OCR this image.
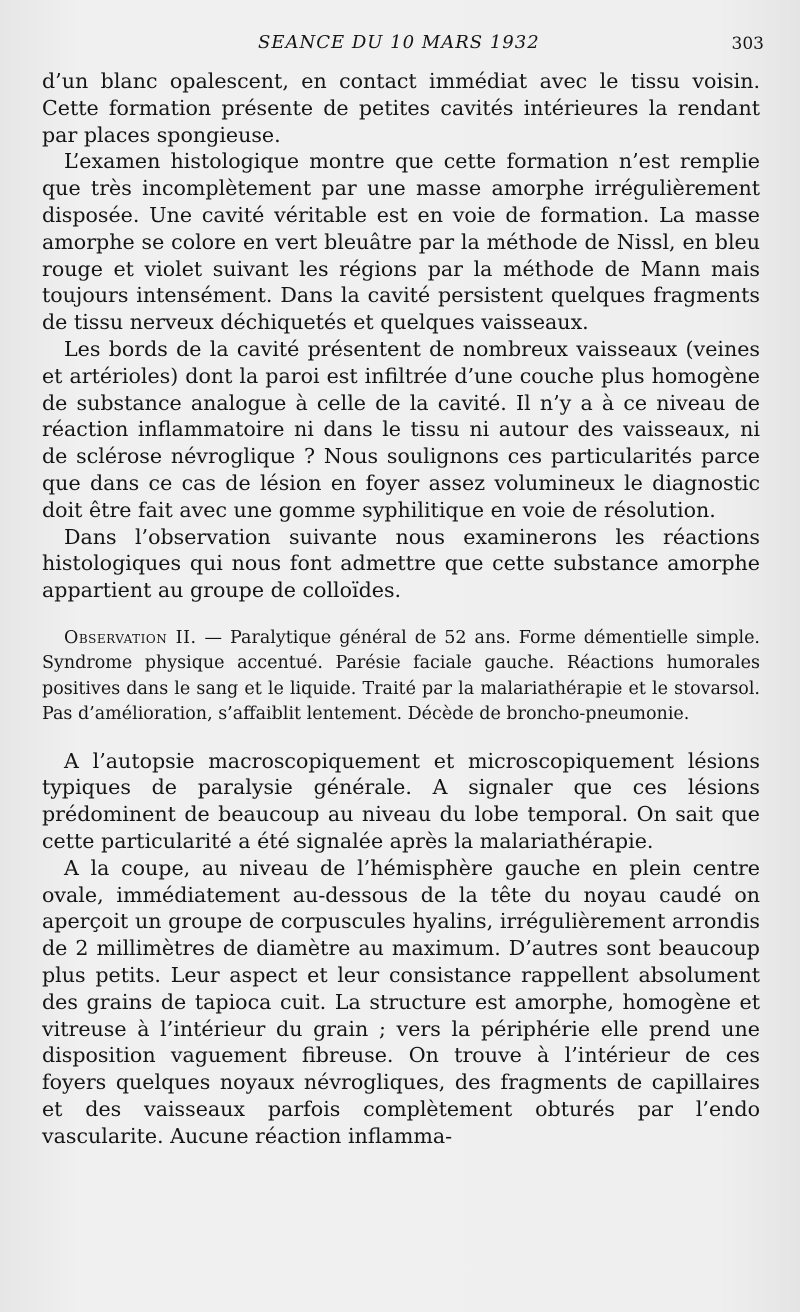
SEANCE DU 10 MARS 1932	303

d’un blanc opalescent, en contact immédiat avec le tissu voisin. Cette formation présente de petites cavités intérieures la rendant par places spongieuse.

L’examen histologique montre que cette formation n’est remplie que très incomplètement par une masse amorphe irrégulièrement disposée. Une cavité véritable est en voie de formation. La masse amorphe se colore en vert bleuâtre par la méthode de Nissl, en bleu rouge et violet suivant les régions par la méthode de Mann mais toujours intensément. Dans la cavité persistent quelques fragments de tissu nerveux déchiquetés et quelques vaisseaux.

Les bords de la cavité présentent de nombreux vaisseaux (veines et artérioles) dont la paroi est infiltrée d’une couche plus homogène de substance analogue à celle de la cavité. Il n’y a à ce niveau de réaction inflammatoire ni dans le tissu ni autour des vaisseaux, ni de sclérose névroglique ? Nous soulignons ces particularités parce que dans ce cas de lésion en foyer assez volumineux le diagnostic doit être fait avec une gomme syphilitique en voie de résolution.

Dans l’observation suivante nous examinerons les réactions histologiques qui nous font admettre que cette substance amorphe appartient au groupe de colloïdes.

Observation II. — Paralytique général de 52 ans. Forme démentielle simple. Syndrome physique accentué. Parésie faciale gauche. Réactions humorales positives dans le sang et le liquide. Traité par la malariathérapie et le stovarsol. Pas d’amélioration, s’affaiblit lentement. Décède de broncho-pneumonie.

A l’autopsie macroscopiquement et microscopiquement lésions typiques de paralysie générale. A signaler que ces lésions prédominent de beaucoup au niveau du lobe temporal. On sait que cette particularité a été signalée après la malariathérapie.

A la coupe, au niveau de l’hémisphère gauche en plein centre ovale, immédiatement au-dessous de la tête du noyau caudé on aperçoit un groupe de corpuscules hyalins, irrégulièrement arrondis de 2 millimètres de diamètre au maximum. D’autres sont beaucoup plus petits. Leur aspect et leur consistance rappellent absolument des grains de tapioca cuit. La structure est amorphe, homogène et vitreuse à l’intérieur du grain ; vers la périphérie elle prend une disposition vaguement fibreuse. On trouve à l’intérieur de ces foyers quelques noyaux névrogliques, des fragments de capillaires et des vaisseaux parfois complètement obturés par l’endo vascularite. Aucune réaction inflamma-
